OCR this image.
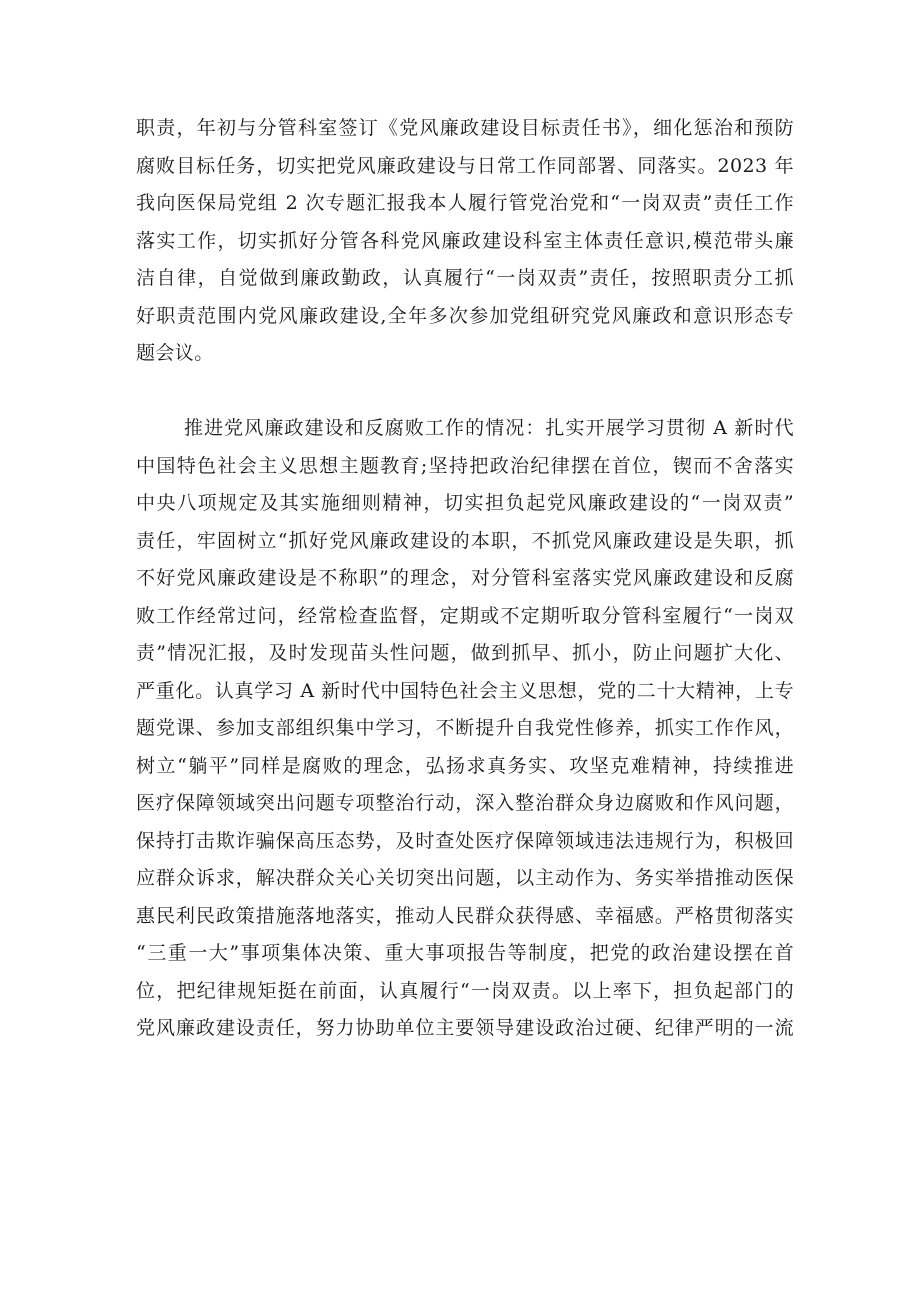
职责，年初与分管科室签订《党风廉政建设目标责任书》，细化惩治和预防
腐败目标任务，切实把党风廉政建设与日常工作同部署、同落实。2023 年
我向医保局党组 2 次专题汇报我本人履行管党治党和“一岗双责”责任工作
落实工作，切实抓好分管各科党风廉政建设科室主体责任意识,模范带头廉
洁自律，自觉做到廉政勤政，认真履行“一岗双责”责任，按照职责分工抓
好职责范围内党风廉政建设,全年多次参加党组研究党风廉政和意识形态专
题会议。
推进党风廉政建设和反腐败工作的情况：扎实开展学习贯彻 A 新时代
中国特色社会主义思想主题教育;坚持把政治纪律摆在首位，锲而不舍落实
中央八项规定及其实施细则精神，切实担负起党风廉政建设的“一岗双责”
责任，牢固树立“抓好党风廉政建设的本职，不抓党风廉政建设是失职，抓
不好党风廉政建设是不称职”的理念，对分管科室落实党风廉政建设和反腐
败工作经常过问，经常检查监督，定期或不定期听取分管科室履行“一岗双
责”情况汇报，及时发现苗头性问题，做到抓早、抓小，防止问题扩大化、
严重化。认真学习 A 新时代中国特色社会主义思想，党的二十大精神，上专
题党课、参加支部组织集中学习，不断提升自我党性修养，抓实工作作风，
树立“躺平”同样是腐败的理念，弘扬求真务实、攻坚克难精神，持续推进
医疗保障领域突出问题专项整治行动，深入整治群众身边腐败和作风问题，
保持打击欺诈骗保高压态势，及时查处医疗保障领域违法违规行为，积极回
应群众诉求，解决群众关心关切突出问题，以主动作为、务实举措推动医保
惠民利民政策措施落地落实，推动人民群众获得感、幸福感。严格贯彻落实
“三重一大”事项集体决策、重大事项报告等制度，把党的政治建设摆在首
位，把纪律规矩挺在前面，认真履行“一岗双责。以上率下，担负起部门的
党风廉政建设责任，努力协助单位主要领导建设政治过硬、纪律严明的一流
